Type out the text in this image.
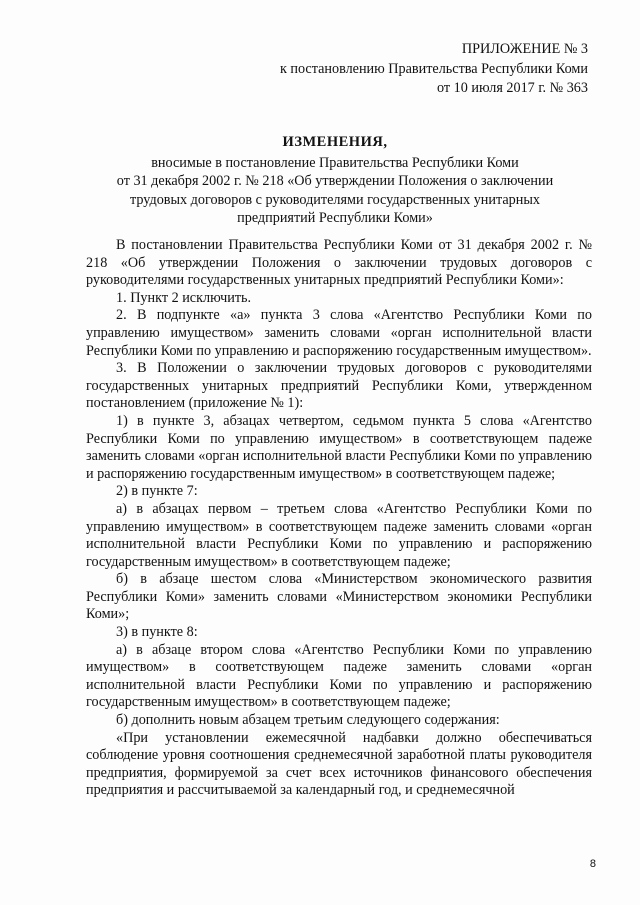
ПРИЛОЖЕНИЕ № 3
к постановлению Правительства Республики Коми
от 10 июля 2017 г. № 363
ИЗМЕНЕНИЯ,
вносимые в постановление Правительства Республики Коми
от 31 декабря 2002 г. № 218 «Об утверждении Положения о заключении
трудовых договоров с руководителями государственных унитарных
предприятий Республики Коми»

В постановлении Правительства Республики Коми от 31 декабря 2002 г. № 218 «Об утверждении Положения о заключении трудовых договоров с руководителями государственных унитарных предприятий Республики Коми»:

1. Пункт 2 исключить.

2. В подпункте «а» пункта 3 слова «Агентство Республики Коми по управлению имуществом» заменить словами «орган исполнительной власти Республики Коми по управлению и распоряжению государственным имуществом».

3. В Положении о заключении трудовых договоров с руководителями государственных унитарных предприятий Республики Коми, утвержденном постановлением (приложение № 1):

1) в пункте 3, абзацах четвертом, седьмом пункта 5 слова «Агентство Республики Коми по управлению имуществом» в соответствующем падеже заменить словами «орган исполнительной власти Республики Коми по управлению и распоряжению государственным имуществом» в соответствующем падеже;

2) в пункте 7:

а) в абзацах первом – третьем слова «Агентство Республики Коми по управлению имуществом» в соответствующем падеже заменить словами «орган исполнительной власти Республики Коми по управлению и распоряжению государственным имуществом» в соответствующем падеже;

б) в абзаце шестом слова «Министерством экономического развития Республики Коми» заменить словами «Министерством экономики Республики Коми»;

3) в пункте 8:

а) в абзаце втором слова «Агентство Республики Коми по управлению имуществом» в соответствующем падеже заменить словами «орган исполнительной власти Республики Коми по управлению и распоряжению государственным имуществом» в соответствующем падеже;

б) дополнить новым абзацем третьим следующего содержания:

«При установлении ежемесячной надбавки должно обеспечиваться соблюдение уровня соотношения среднемесячной заработной платы руководителя предприятия, формируемой за счет всех источников финансового обеспечения предприятия и рассчитываемой за календарный год, и среднемесячной

8
